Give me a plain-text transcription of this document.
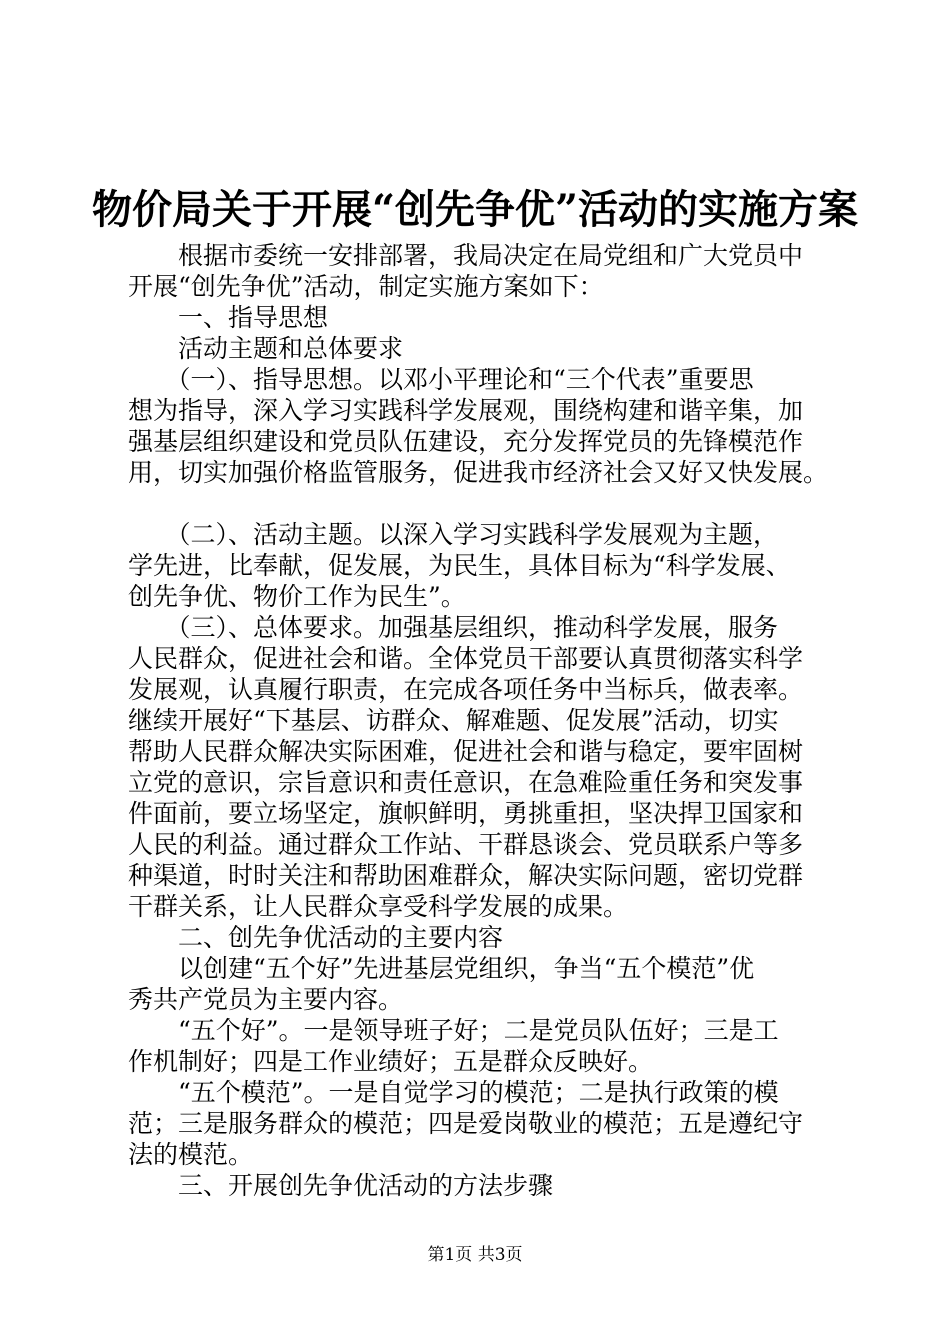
物价局关于开展“创先争优”活动的实施方案
　　根据市委统一安排部署，我局决定在局党组和广大党员中
开展“创先争优”活动，制定实施方案如下：
　　一、指导思想
　　活动主题和总体要求
　　（一）、指导思想。以邓小平理论和“三个代表”重要思
想为指导，深入学习实践科学发展观，围绕构建和谐辛集，加
强基层组织建设和党员队伍建设，充分发挥党员的先锋模范作
用，切实加强价格监管服务，促进我市经济社会又好又快发展。
　　（二）、活动主题。以深入学习实践科学发展观为主题，
学先进，比奉献，促发展，为民生，具体目标为“科学发展、
创先争优、物价工作为民生”。
　　（三）、总体要求。加强基层组织，推动科学发展，服务
人民群众，促进社会和谐。全体党员干部要认真贯彻落实科学
发展观，认真履行职责，在完成各项任务中当标兵，做表率。
继续开展好“下基层、访群众、解难题、促发展”活动，切实
帮助人民群众解决实际困难，促进社会和谐与稳定，要牢固树
立党的意识，宗旨意识和责任意识，在急难险重任务和突发事
件面前，要立场坚定，旗帜鲜明，勇挑重担，坚决捍卫国家和
人民的利益。通过群众工作站、干群恳谈会、党员联系户等多
种渠道，时时关注和帮助困难群众，解决实际问题，密切党群
干群关系，让人民群众享受科学发展的成果。
　　二、创先争优活动的主要内容
　　以创建“五个好”先进基层党组织，争当“五个模范”优
秀共产党员为主要内容。
　　“五个好”。一是领导班子好；二是党员队伍好；三是工
作机制好；四是工作业绩好；五是群众反映好。
　　“五个模范”。一是自觉学习的模范；二是执行政策的模
范；三是服务群众的模范；四是爱岗敬业的模范；五是遵纪守
法的模范。
　　三、开展创先争优活动的方法步骤
第1页 共3页
